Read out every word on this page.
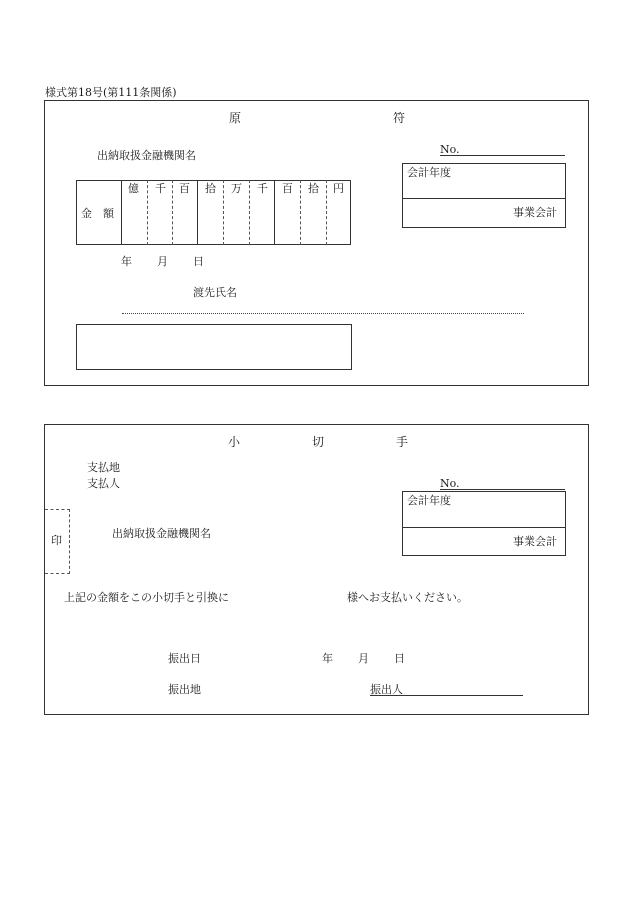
様式第18号(第111条関係)
原	符
出納取扱金融機関名	No.
会計年度
事業会計
金 額
億 千 百 拾 万 千 百 拾 円
年 月 日
渡先氏名
小	切	手
支払地
支払人	No.
会計年度
事業会計
印
出納取扱金融機関名
上記の金額をこの小切手と引換に	様へお支払いください。
振出日	年 月 日
振出地	振出人
